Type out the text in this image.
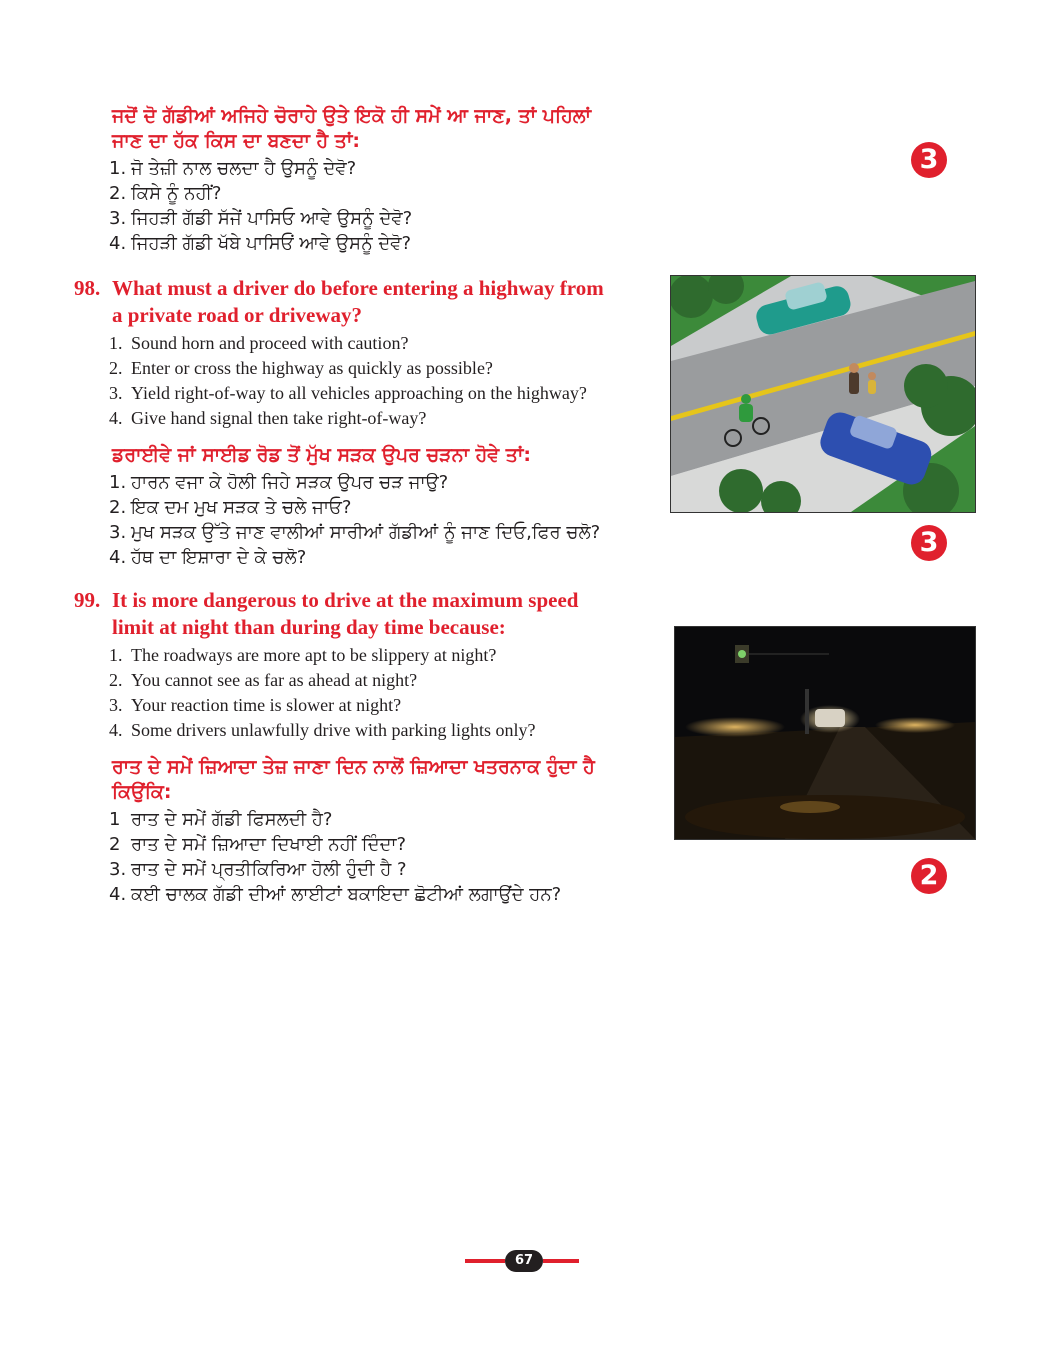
ਜਦੋਂ ਦੋ ਗੱਡੀਆਂ ਅਜਿਹੇ ਚੋਰਾਹੇ ਉਤੇ ਇਕੋ ਹੀ ਸਮੇਂ ਆ ਜਾਣ, ਤਾਂ ਪਹਿਲਾਂ
ਜਾਣ ਦਾ ਹੱਕ ਕਿਸ ਦਾ ਬਣਦਾ ਹੈ ਤਾਂ:

1. ਜੋ ਤੇਜ਼ੀ ਨਾਲ ਚਲਦਾ ਹੈ ਉਸਨੂੰ ਦੇਵੋ?
2. ਕਿਸੇ ਨੂੰ ਨਹੀਂ?
3. ਜਿਹੜੀ ਗੱਡੀ ਸੱਜੇਂ ਪਾਸਿਓ ਆਵੇ ਉਸਨੂੰ ਦੇਵੋ?
4. ਜਿਹੜੀ ਗੱਡੀ ਖੱਬੇ ਪਾਸਿਓਂ ਆਵੇ ਉਸਨੂੰ ਦੇਵੋ?
3

98. What must a driver do before entering a highway from
a private road or driveway?

1. Sound horn and proceed with caution?
2. Enter or cross the highway as quickly as possible?
3. Yield right-of-way to all vehicles approaching on the highway?
4. Give hand signal then take right-of-way?

ਡਰਾਈਵੇ ਜਾਂ ਸਾਈਡ ਰੋਡ ਤੋਂ ਮੁੱਖ ਸੜਕ ਉਪਰ ਚੜਨਾ ਹੋਵੇ ਤਾਂ:

1. ਹਾਰਨ ਵਜਾ ਕੇ ਹੋਲੀ ਜਿਹੇ ਸੜਕ ਉਪਰ ਚੜ ਜਾਉ?
2. ਇਕ ਦਮ ਮੁਖ ਸੜਕ ਤੇ ਚਲੇ ਜਾਓ?
3. ਮੁਖ ਸੜਕ ਉੱਤੇ ਜਾਣ ਵਾਲੀਆਂ ਸਾਰੀਆਂ ਗੱਡੀਆਂ ਨੂੰ ਜਾਣ ਦਿਓ,ਫਿਰ ਚਲੋ?
4. ਹੱਥ ਦਾ ਇਸ਼ਾਰਾ ਦੇ ਕੇ ਚਲੋ?	3

99. It is more dangerous to drive at the maximum speed
limit at night than during day time because:

1. The roadways are more apt to be slippery at night?
2. You cannot see as far as ahead at night?
3. Your reaction time is slower at night?
4. Some drivers unlawfully drive with parking lights only?

ਰਾਤ ਦੇ ਸਮੇਂ ਜ਼ਿਆਦਾ ਤੇਜ਼ ਜਾਣਾ ਦਿਨ ਨਾਲੋਂ ਜ਼ਿਆਦਾ ਖਤਰਨਾਕ ਹੁੰਦਾ ਹੈ
ਕਿਉਂਕਿ:

1 ਰਾਤ ਦੇ ਸਮੇਂ ਗੱਡੀ ਫਿਸਲਦੀ ਹੈ?
2 ਰਾਤ ਦੇ ਸਮੇਂ ਜ਼ਿਆਦਾ ਦਿਖਾਈ ਨਹੀਂ ਦਿੰਦਾ?
3. ਰਾਤ ਦੇ ਸਮੇਂ ਪ੍ਰਤੀਕਿਰਿਆ ਹੋਲੀ ਹੁੰਦੀ ਹੈ ?
4. ਕਈ ਚਾਲਕ ਗੱਡੀ ਦੀਆਂ ਲਾਈਟਾਂ ਬਕਾਇਦਾ ਛੋਟੀਆਂ ਲਗਾਉਂਦੇ ਹਨ?
2
67
